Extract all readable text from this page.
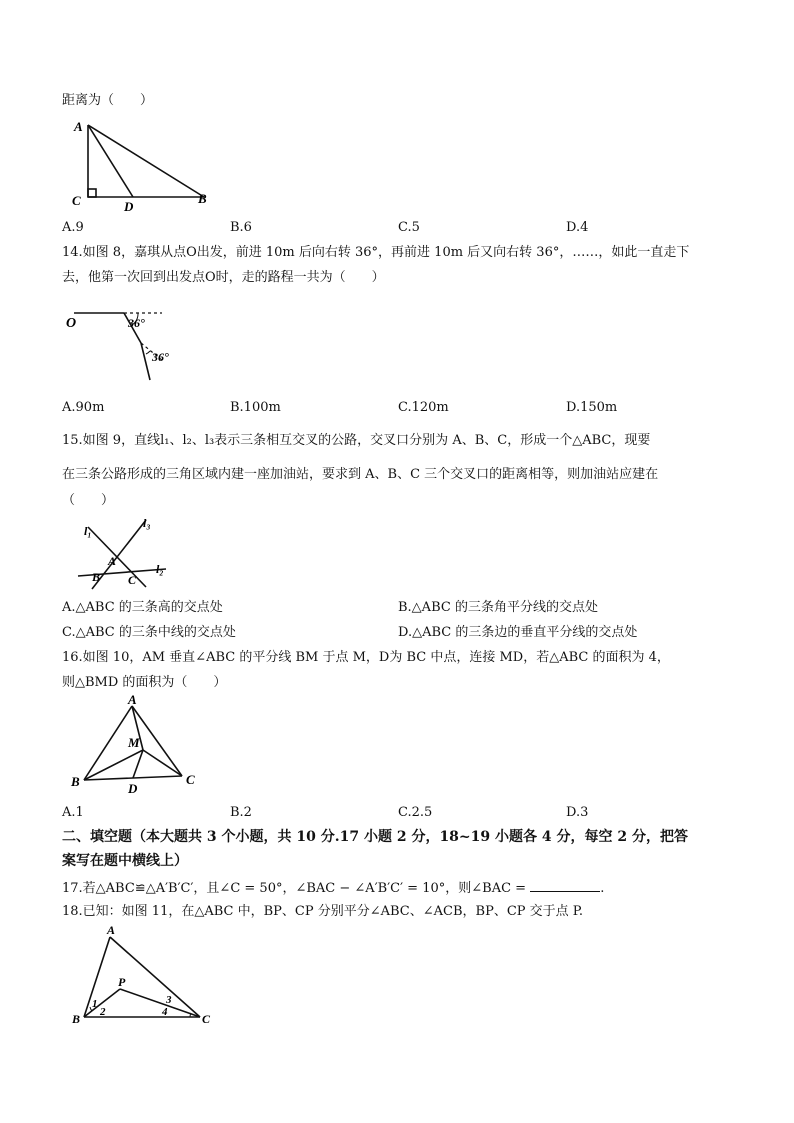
距离为（　　）
A
C	D
B
A.9	B.6	C.5	D.4
14.如图 8，嘉琪从点O出发，前进 10m 后向右转 36°，再前进 10m 后又向右转 36°，……，如此一直走下
去，他第一次回到出发点O时，走的路程一共为（　　）
O	36°
36°
A.90m	B.100m	C.120m	D.150m
15.如图 9，直线l₁、l₂、l₃表示三条相互交叉的公路，交叉口分别为 A、B、C，形成一个△ABC，现要
在三条公路形成的三角区域内建一座加油站，要求到 A、B、C 三个交叉口的距离相等，则加油站应建在
（　　）
l₁
l₃
A
l₂
B C
A.△ABC 的三条高的交点处	B.△ABC 的三条角平分线的交点处
C.△ABC 的三条中线的交点处	D.△ABC 的三条边的垂直平分线的交点处
16.如图 10，AM 垂直∠ABC 的平分线 BM 于点 M，D为 BC 中点，连接 MD，若△ABC 的面积为 4，
则△BMD 的面积为（　　）
A
M
B	D
C
A.1	B.2	C.2.5	D.3
二、填空题（本大题共 3 个小题，共 10 分.17 小题 2 分，18~19 小题各 4 分，每空 2 分，把答
案写在题中横线上）
17.若△ABC≌△A′B′C′，且∠C = 50°，∠BAC − ∠A′B′C′ = 10°，则∠BAC =	.
18.已知：如图 11，在△ABC 中，BP、CP 分别平分∠ABC、∠ACB，BP、CP 交于点 P.
A
P
1
2
3
4
B	C
